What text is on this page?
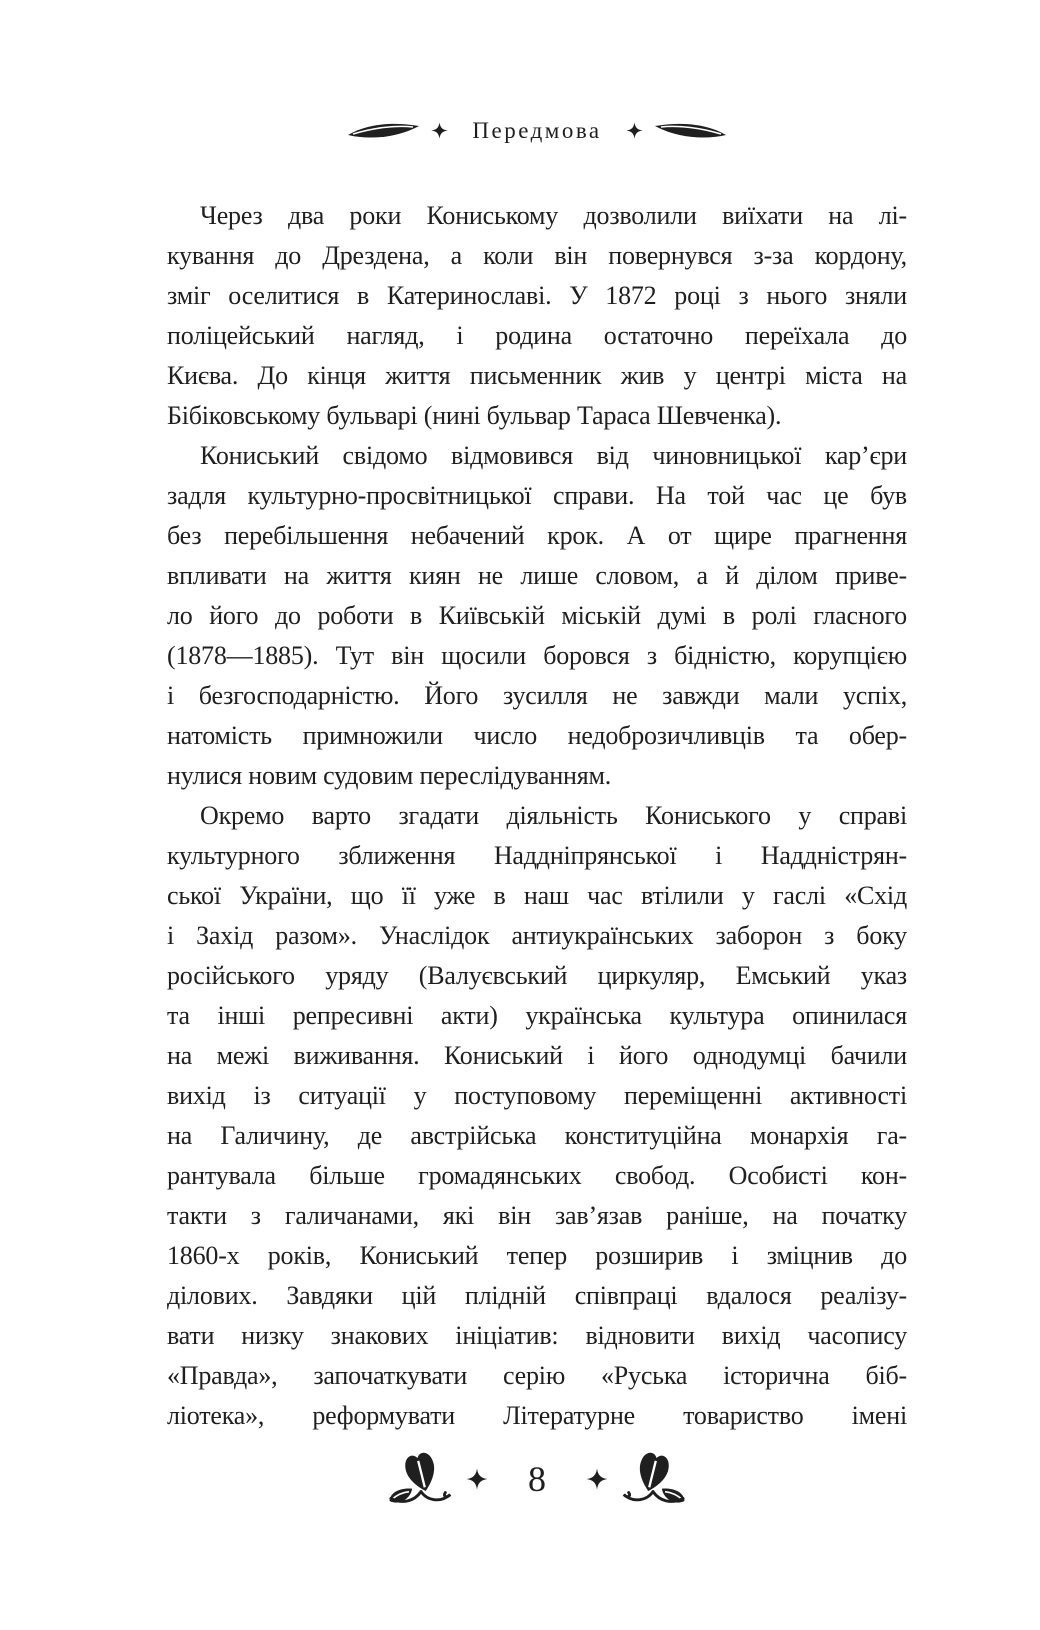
Передмова
Через два роки Кониському дозволили виїхати на лі-
кування до Дрездена, а коли він повернувся з-за кордону,
зміг оселитися в Катеринославі. У 1872 році з нього зняли
поліцейський нагляд, і родина остаточно переїхала до
Києва. До кінця життя письменник жив у центрі міста на
Бібіковському бульварі (нині бульвар Тараса Шевченка).
Кониський свідомо відмовився від чиновницької кар’єри
задля культурно-просвітницької справи. На той час це був
без перебільшення небачений крок. А от щире прагнення
впливати на життя киян не лише словом, а й ділом приве-
ло його до роботи в Київській міській думі в ролі гласного
(1878—1885). Тут він щосили боровся з бідністю, корупцією
і безгосподарністю. Його зусилля не завжди мали успіх,
натомість примножили число недоброзичливців та обер-
нулися новим судовим переслідуванням.
Окремо варто згадати діяльність Кониського у справі
культурного зближення Наддніпрянської і Наддністрян-
ської України, що її уже в наш час втілили у гаслі «Схід
і Захід разом». Унаслідок антиукраїнських заборон з боку
російського уряду (Валуєвський циркуляр, Емський указ
та інші репресивні акти) українська культура опинилася
на межі виживання. Кониський і його однодумці бачили
вихід із ситуації у поступовому переміщенні активності
на Галичину, де австрійська конституційна монархія га-
рантувала більше громадянських свобод. Особисті кон-
такти з галичанами, які він зав’язав раніше, на початку
1860-х років, Кониський тепер розширив і зміцнив до
ділових. Завдяки цій плідній співпраці вдалося реалізу-
вати низку знакових ініціатив: відновити вихід часопису
«Правда», започаткувати серію «Руська історична біб-
ліотека», реформувати Літературне товариство імені
8
